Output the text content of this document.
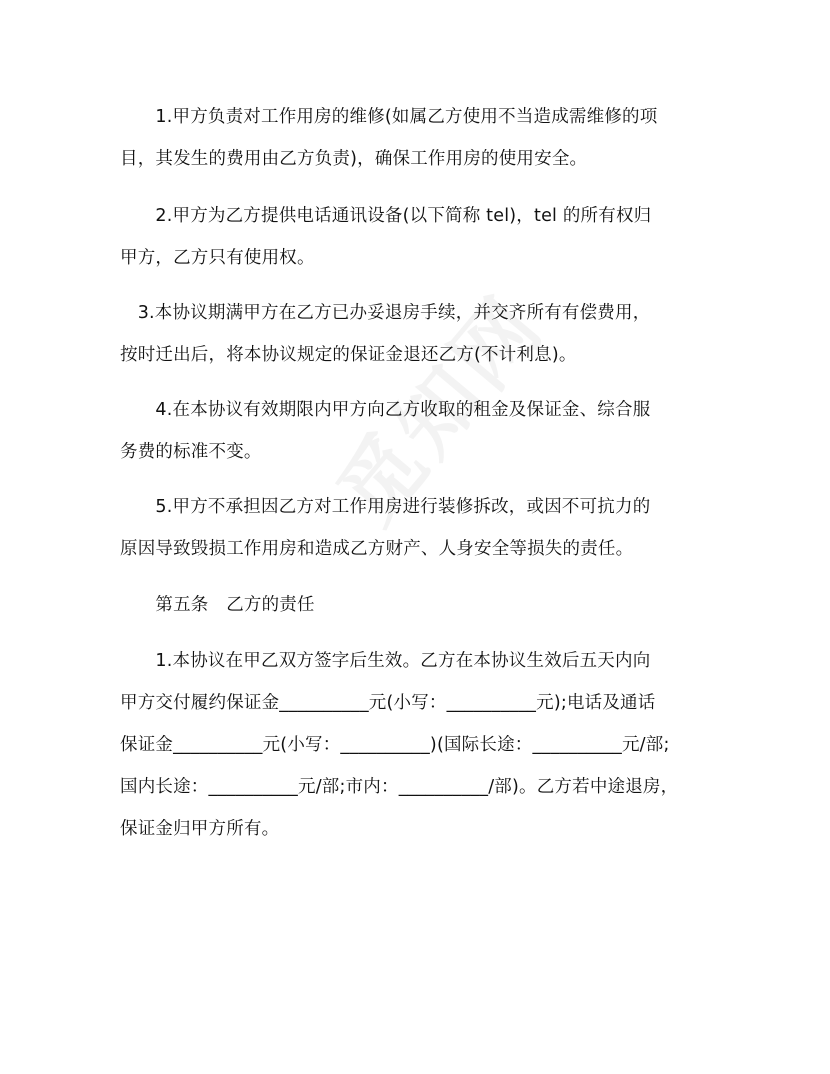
　　1.甲方负责对工作用房的维修(如属乙方使用不当造成需维修的项
目，其发生的费用由乙方负责)，确保工作用房的使用安全。
　　2.甲方为乙方提供电话通讯设备(以下简称 tel)，tel 的所有权归
甲方，乙方只有使用权。
　3.本协议期满甲方在乙方已办妥退房手续，并交齐所有有偿费用，
按时迁出后，将本协议规定的保证金退还乙方(不计利息)。
　　4.在本协议有效期限内甲方向乙方收取的租金及保证金、综合服
务费的标准不变。
　　5.甲方不承担因乙方对工作用房进行装修拆改，或因不可抗力的
原因导致毁损工作用房和造成乙方财产、人身安全等损失的责任。
　　第五条　乙方的责任
　　1.本协议在甲乙双方签字后生效。乙方在本协议生效后五天内向
甲方交付履约保证金__________元(小写：__________元);电话及通话
保证金__________元(小写：__________)(国际长途：__________元/部;
国内长途：__________元/部;市内：__________/部)。乙方若中途退房，
保证金归甲方所有。
